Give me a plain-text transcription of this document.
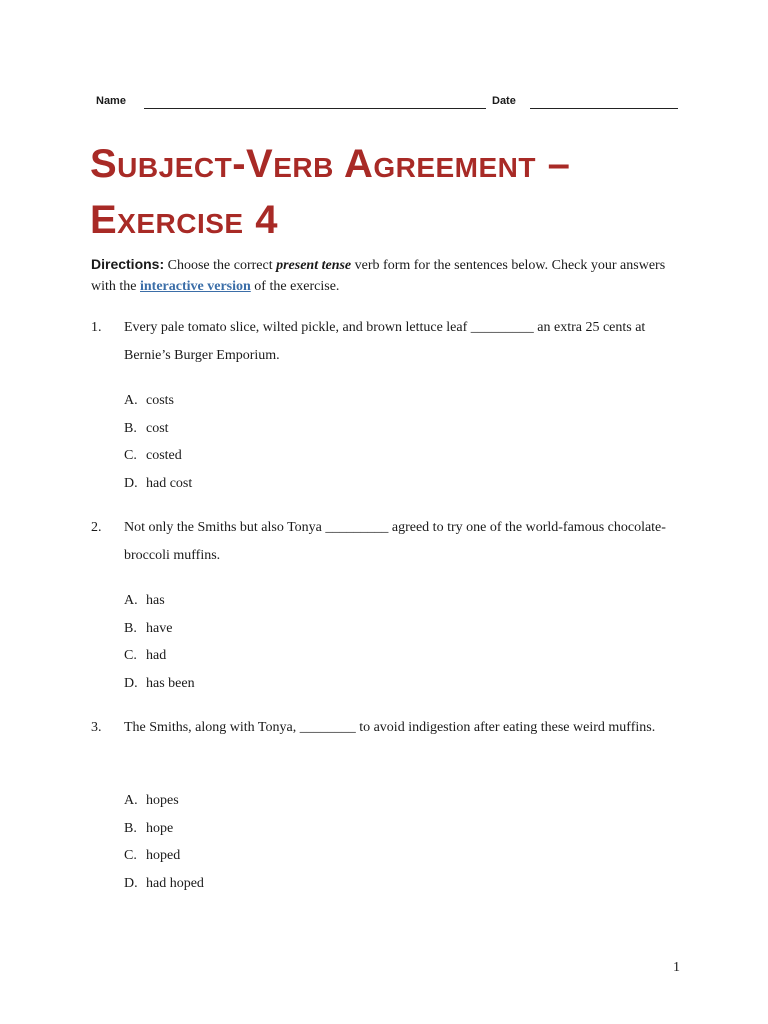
Name	Date
Subject-Verb Agreement –
Exercise 4

Directions: Choose the correct present tense verb form for the sentences below. Check your answers with the interactive version of the exercise.

1. Every pale tomato slice, wilted pickle, and brown lettuce leaf _________ an extra 25 cents at Bernie’s Burger Emporium.
A. costs
B. cost
C. costed
D. had cost
2. Not only the Smiths but also Tonya _________ agreed to try one of the world-famous chocolate-broccoli muffins.
A. has
B. have
C. had
D. has been
3. The Smiths, along with Tonya, ________ to avoid indigestion after eating these weird muffins.
A. hopes
B. hope
C. hoped
D. had hoped
1
